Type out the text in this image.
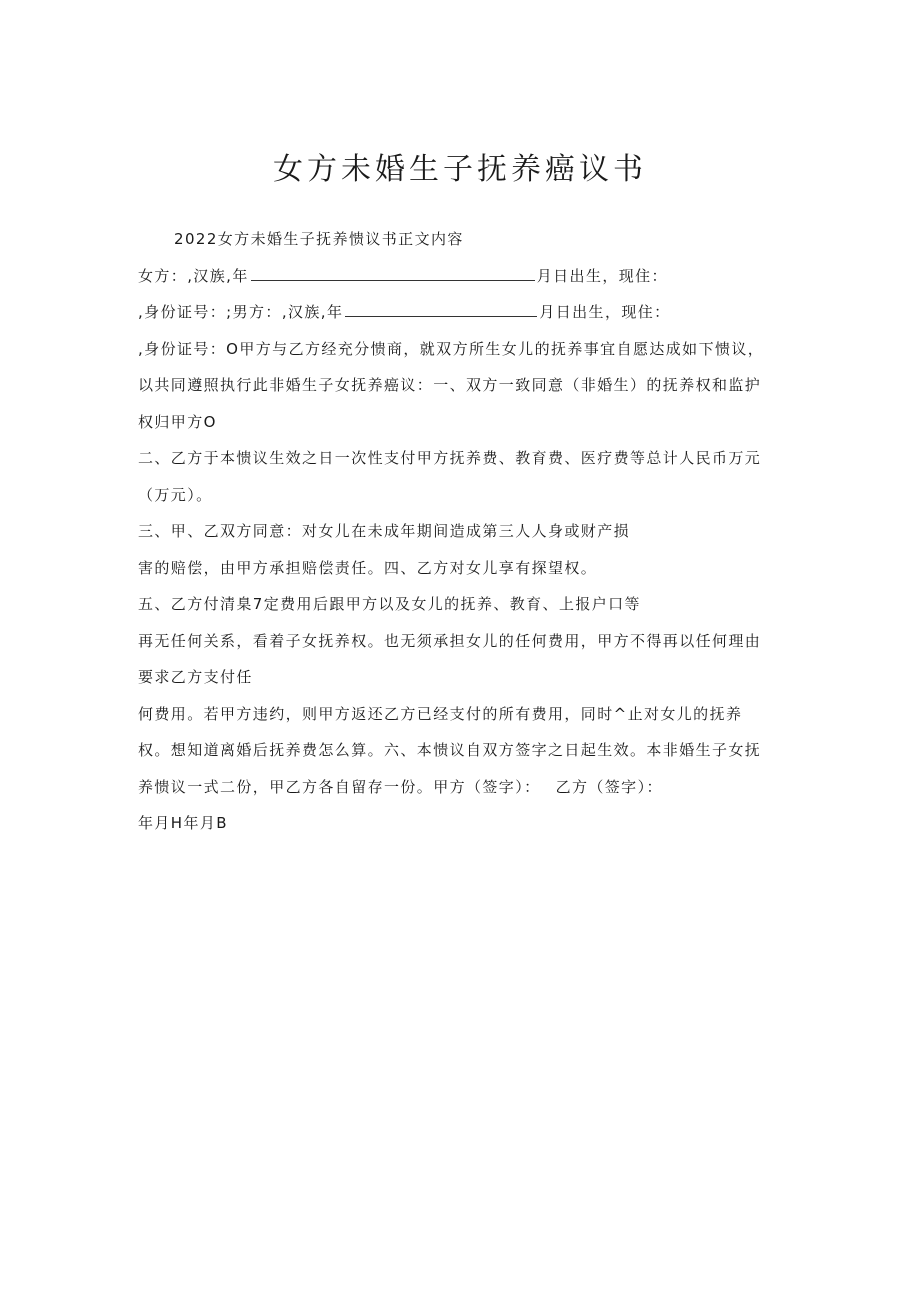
女方未婚生子抚养癌议书
2022女方未婚生子抚养愦议书正文内容
女方：,汉族,年	月日出生，现住：
,身份证号：;男方：,汉族,年	月日出生，现住：
,身份证号：O甲方与乙方经充分愦商，就双方所生女儿的抚养事宜自愿达成如下愦议，
以共同遵照执行此非婚生子女抚养癌议：一、双方一致同意（非婚生）的抚养权和监护
权归甲方O
二、乙方于本愦议生效之日一次性支付甲方抚养费、教育费、医疗费等总计人民币万元
（万元）。
三、甲、乙双方同意：对女儿在未成年期间造成第三人人身或财产损
害的赔偿，由甲方承担赔偿责任。四、乙方对女儿享有探望权。
五、乙方付清臬7定费用后跟甲方以及女儿的抚养、教育、上报户口等
再无任何关系，看着子女抚养权。也无须承担女儿的任何费用，甲方不得再以任何理由
要求乙方支付任
何费用。若甲方违约，则甲方返还乙方已经支付的所有费用，同时^止对女儿的抚养
权。想知道离婚后抚养费怎么算。六、本愦议自双方签字之日起生效。本非婚生子女抚
养愦议一式二份，甲乙方各自留存一份。甲方（签字）：　 乙方（签字）：
年月H年月B
